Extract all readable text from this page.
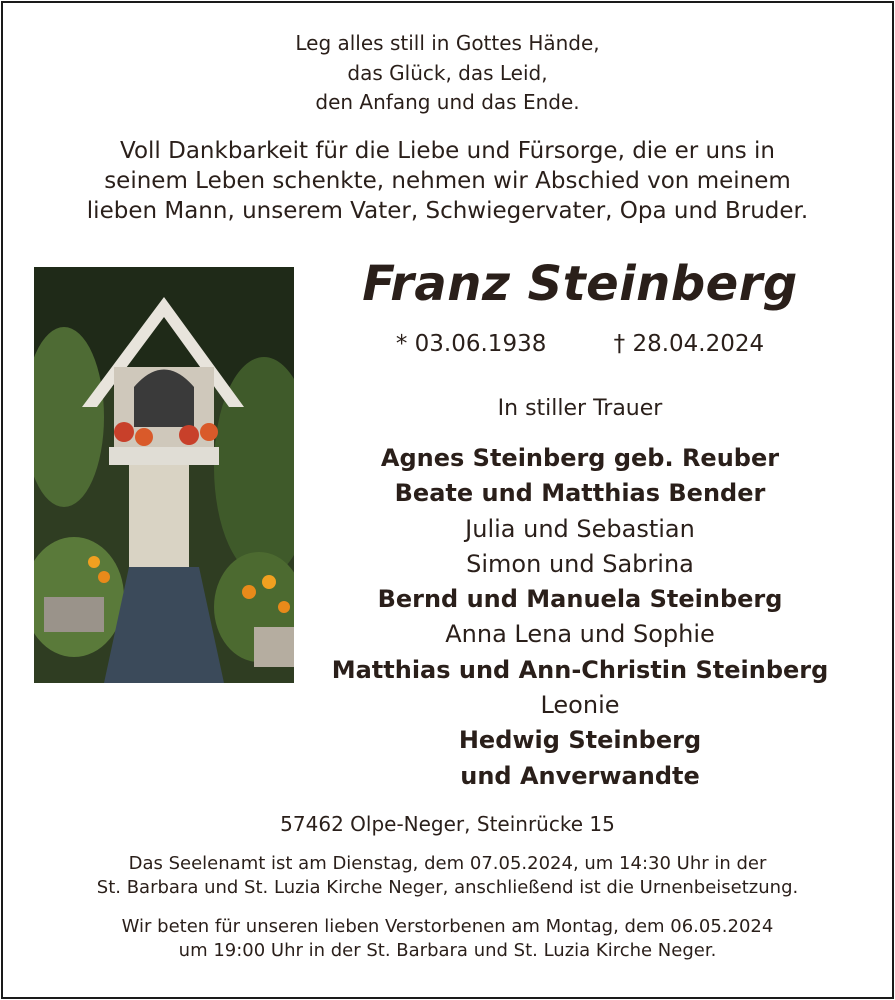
Leg alles still in Gottes Hände,
das Glück, das Leid,
den Anfang und das Ende.
Voll Dankbarkeit für die Liebe und Fürsorge, die er uns in
seinem Leben schenkte, nehmen wir Abschied von meinem
lieben Mann, unserem Vater, Schwiegervater, Opa und Bruder.
Franz Steinberg
* 03.06.1938	† 28.04.2024
In stiller Trauer
Agnes Steinberg geb. Reuber
Beate und Matthias Bender
Julia und Sebastian
Simon und Sabrina
Bernd und Manuela Steinberg
Anna Lena und Sophie
Matthias und Ann-Christin Steinberg
Leonie
Hedwig Steinberg
und Anverwandte
57462 Olpe-Neger, Steinrücke 15
Das Seelenamt ist am Dienstag, dem 07.05.2024, um 14:30 Uhr in der
St. Barbara und St. Luzia Kirche Neger, anschließend ist die Urnenbeisetzung.
Wir beten für unseren lieben Verstorbenen am Montag, dem 06.05.2024
um 19:00 Uhr in der St. Barbara und St. Luzia Kirche Neger.
